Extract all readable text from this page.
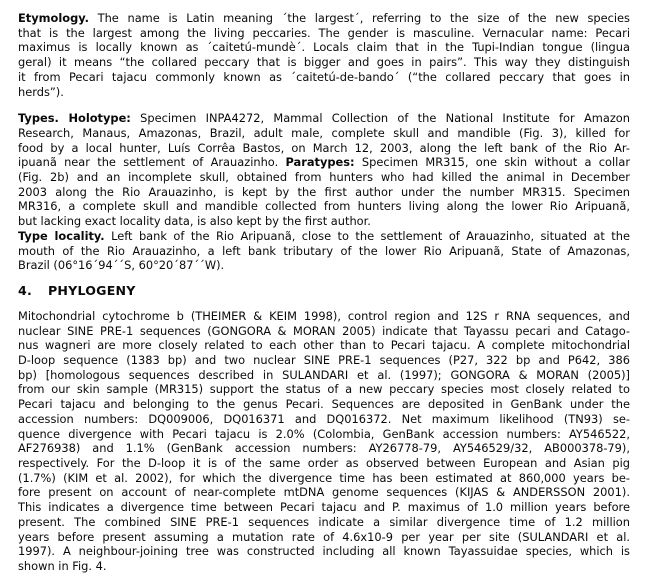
Etymology. The name is Latin meaning ´the largest´, referring to the size of the new species
that is the largest among the living peccaries. The gender is masculine. Vernacular name: Pecari
maximus is locally known as ´caitetú-mundè´. Locals claim that in the Tupi-Indian tongue (lingua
geral) it means “the collared peccary that is bigger and goes in pairs”. This way they distinguish
it from Pecari tajacu commonly known as ´caitetú-de-bando´ (“the collared peccary that goes in
herds”).
Types. Holotype: Specimen INPA4272, Mammal Collection of the National Institute for Amazon
Research, Manaus, Amazonas, Brazil, adult male, complete skull and mandible (Fig. 3), killed for
food by a local hunter, Luís Corrêa Bastos, on March 12, 2003, along the left bank of the Rio Ar-
ipuanã near the settlement of Arauazinho. Paratypes: Specimen MR315, one skin without a collar
(Fig. 2b) and an incomplete skull, obtained from hunters who had killed the animal in December
2003 along the Rio Arauazinho, is kept by the first author under the number MR315. Specimen
MR316, a complete skull and mandible collected from hunters living along the lower Rio Aripuanã,
but lacking exact locality data, is also kept by the first author.
Type locality. Left bank of the Rio Aripuanã, close to the settlement of Arauazinho, situated at the
mouth of the Rio Arauazinho, a left bank tributary of the lower Rio Aripuanã, State of Amazonas,
Brazil (06°16´94´´S, 60°20´87´´W).
4. PHYLOGENY
Mitochondrial cytochrome b (THEIMER & KEIM 1998), control region and 12S r RNA sequences, and
nuclear SINE PRE-1 sequences (GONGORA & MORAN 2005) indicate that Tayassu pecari and Catago-
nus wagneri are more closely related to each other than to Pecari tajacu. A complete mitochondrial
D-loop sequence (1383 bp) and two nuclear SINE PRE-1 sequences (P27, 322 bp and P642, 386
bp) [homologous sequences described in SULANDARI et al. (1997); GONGORA & MORAN (2005)]
from our skin sample (MR315) support the status of a new peccary species most closely related to
Pecari tajacu and belonging to the genus Pecari. Sequences are deposited in GenBank under the
accession numbers: DQ009006, DQ016371 and DQ016372. Net maximum likelihood (TN93) se-
quence divergence with Pecari tajacu is 2.0% (Colombia, GenBank accession numbers: AY546522,
AF276938) and 1.1% (GenBank accession numbers: AY26778-79, AY546529/32, AB000378-79),
respectively. For the D-loop it is of the same order as observed between European and Asian pig
(1.7%) (KIM et al. 2002), for which the divergence time has been estimated at 860,000 years be-
fore present on account of near-complete mtDNA genome sequences (KIJAS & ANDERSSON 2001).
This indicates a divergence time between Pecari tajacu and P. maximus of 1.0 million years before
present. The combined SINE PRE-1 sequences indicate a similar divergence time of 1.2 million
years before present assuming a mutation rate of 4.6x10-9 per year per site (SULANDARI et al.
1997). A neighbour-joining tree was constructed including all known Tayassuidae species, which is
shown in Fig. 4.
